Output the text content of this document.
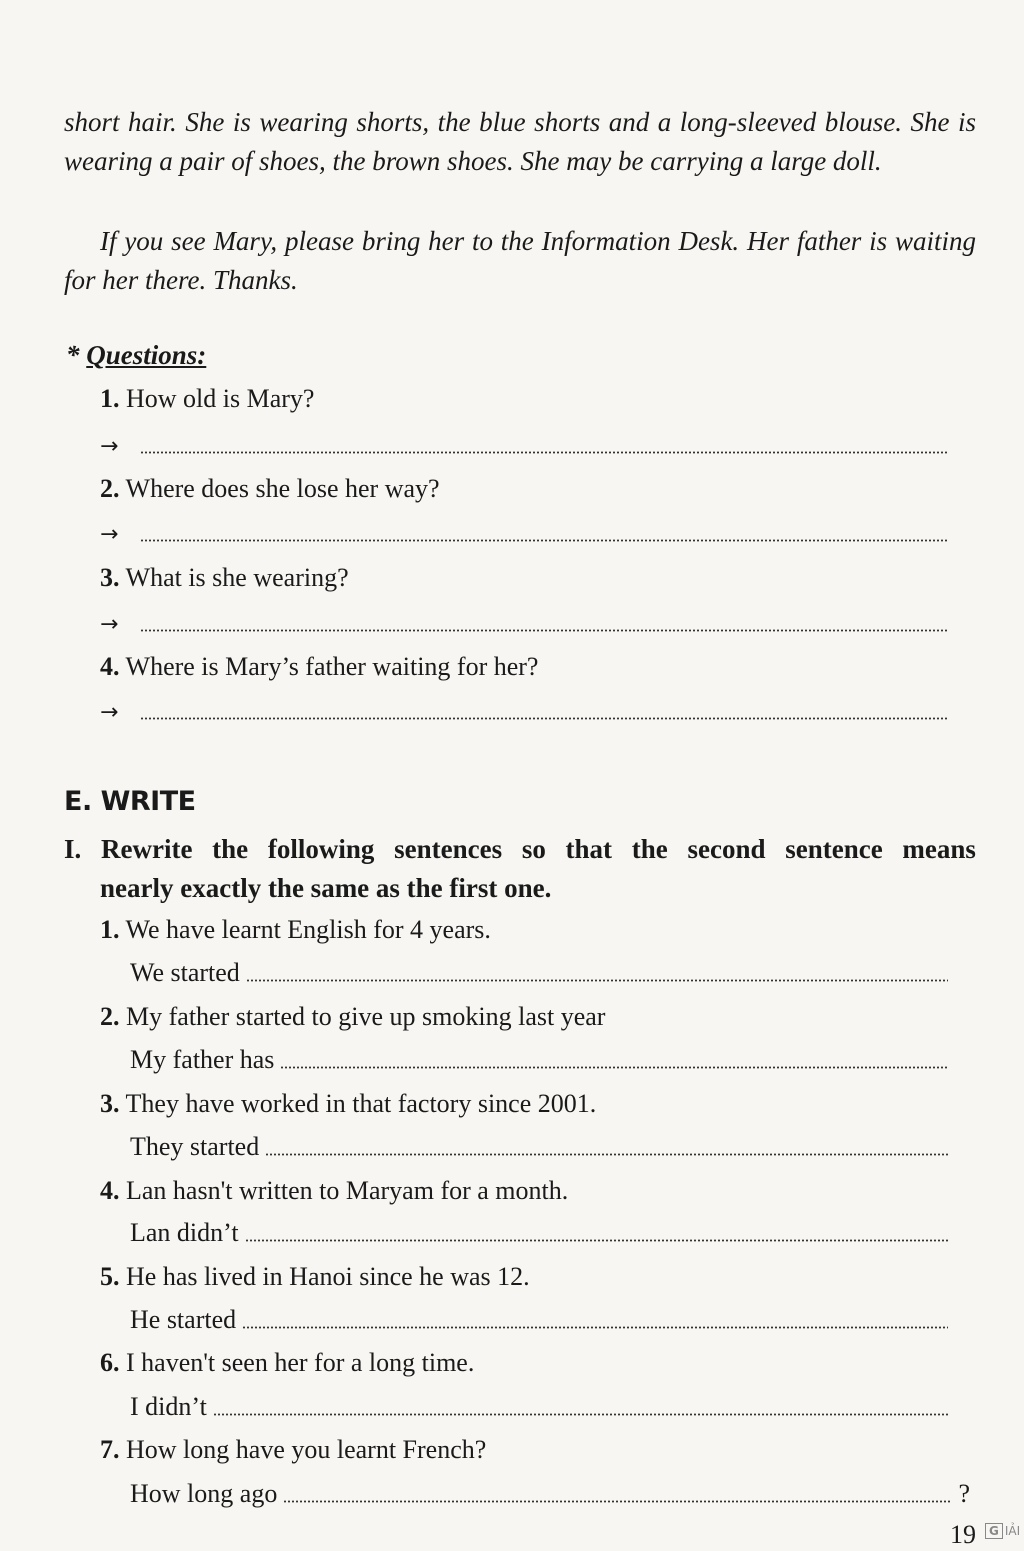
short hair. She is wearing shorts, the blue shorts and a long-sleeved blouse. She is wearing a pair of shoes, the brown shoes. She may be carrying a large doll.

If you see Mary, please bring her to the Information Desk. Her father is waiting for her there. Thanks.

* Questions:
1. How old is Mary?
→
2. Where does she lose her way?
→
3. What is she wearing?
→
4. Where is Mary’s father waiting for her?
→
E. WRITE
I. Rewrite the following sentences so that the second sentence means
nearly exactly the same as the first one.
1. We have learnt English for 4 years.
We started
2. My father started to give up smoking last year
My father has
3. They have worked in that factory since 2001.
They started
4. Lan hasn't written to Maryam for a month.
Lan didn’t
5. He has lived in Hanoi since he was 12.
He started
6. I haven't seen her for a long time.
I didn’t
7. How long have you learnt French?
How long ago	?
19	G IẢI
